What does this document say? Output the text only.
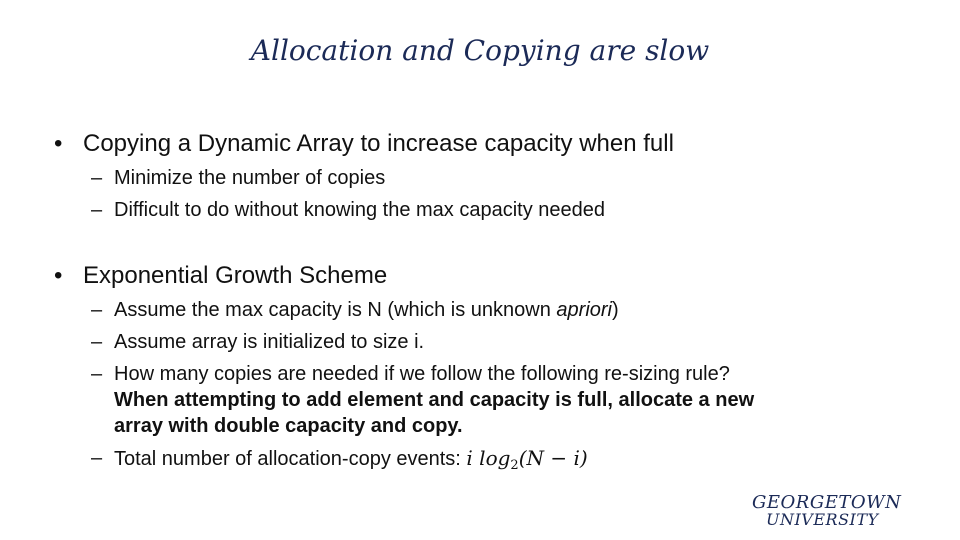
Allocation and Copying are slow
• Copying a Dynamic Array to increase capacity when full
– Minimize the number of copies
– Difficult to do without knowing the max capacity needed
• Exponential Growth Scheme
– Assume the max capacity is N (which is unknown apriori)
– Assume array is initialized to size i.
– How many copies are needed if we follow the following re-sizing rule?
When attempting to add element and capacity is full, allocate a new
array with double capacity and copy.
– Total number of allocation-copy events: i $\log_2(N - i)$
GEORGETOWN
UNIVERSITY
